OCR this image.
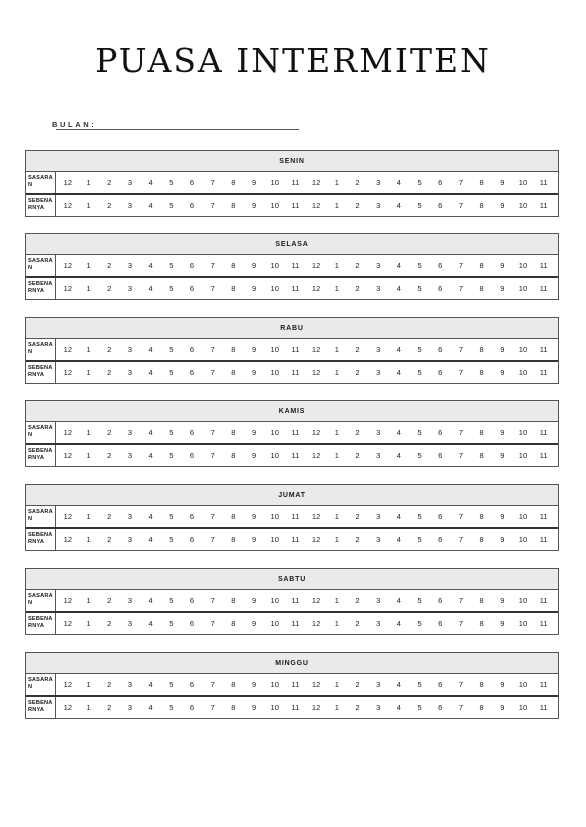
PUASA INTERMITEN
BULAN:
SENIN
SASARAN	12	1	2	3	4	5	6	7	8	9	10	11	12	1	2	3	4	5	6	7	8	9	10	11
SEBENARNYA	12	1	2	3	4	5	6	7	8	9	10	11	12	1	2	3	4	5	6	7	8	9	10	11
SELASA
SASARAN	12	1	2	3	4	5	6	7	8	9	10	11	12	1	2	3	4	5	6	7	8	9	10	11
SEBENARNYA	12	1	2	3	4	5	6	7	8	9	10	11	12	1	2	3	4	5	6	7	8	9	10	11
RABU
SASARAN	12	1	2	3	4	5	6	7	8	9	10	11	12	1	2	3	4	5	6	7	8	9	10	11
SEBENARNYA	12	1	2	3	4	5	6	7	8	9	10	11	12	1	2	3	4	5	6	7	8	9	10	11
KAMIS
SASARAN	12	1	2	3	4	5	6	7	8	9	10	11	12	1	2	3	4	5	6	7	8	9	10	11
SEBENARNYA	12	1	2	3	4	5	6	7	8	9	10	11	12	1	2	3	4	5	6	7	8	9	10	11
JUMAT
SASARAN	12	1	2	3	4	5	6	7	8	9	10	11	12	1	2	3	4	5	6	7	8	9	10	11
SEBENARNYA	12	1	2	3	4	5	6	7	8	9	10	11	12	1	2	3	4	5	6	7	8	9	10	11
SABTU
SASARAN	12	1	2	3	4	5	6	7	8	9	10	11	12	1	2	3	4	5	6	7	8	9	10	11
SEBENARNYA	12	1	2	3	4	5	6	7	8	9	10	11	12	1	2	3	4	5	6	7	8	9	10	11
MINGGU
SASARAN	12	1	2	3	4	5	6	7	8	9	10	11	12	1	2	3	4	5	6	7	8	9	10	11
SEBENARNYA	12	1	2	3	4	5	6	7	8	9	10	11	12	1	2	3	4	5	6	7	8	9	10	11
